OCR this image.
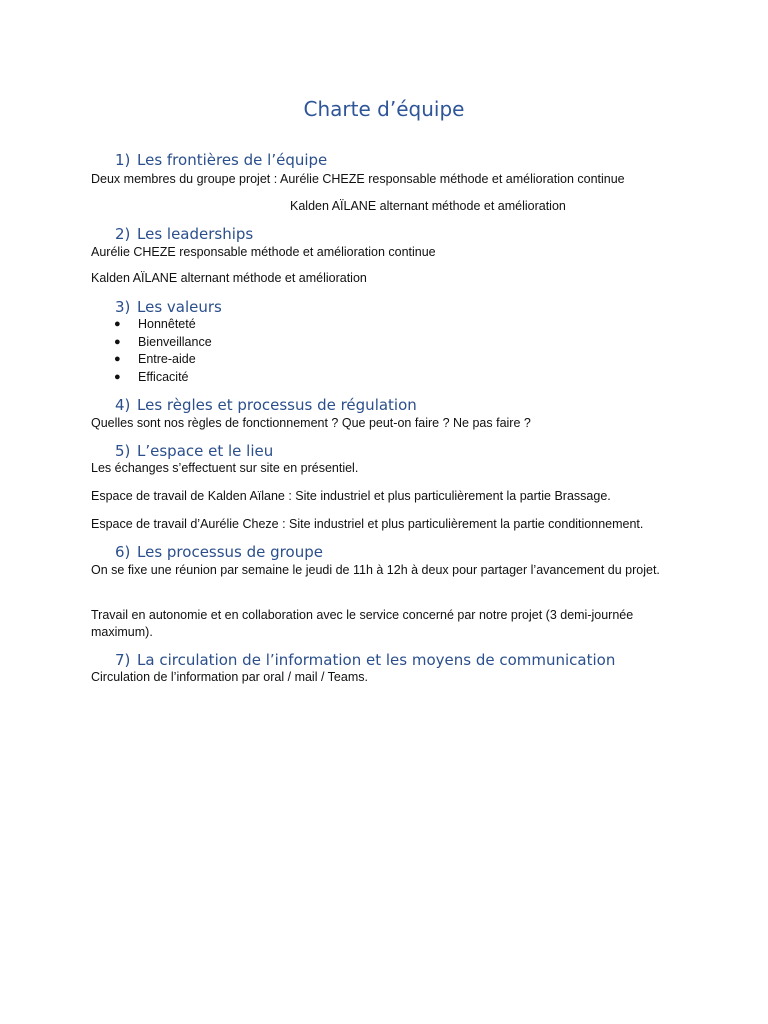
Charte d’équipe
1) Les frontières de l’équipe

Deux membres du groupe projet : Aurélie CHEZE responsable méthode et amélioration continue

Kalden AÏLANE alternant méthode et amélioration

2) Les leaderships

Aurélie CHEZE responsable méthode et amélioration continue

Kalden AÏLANE alternant méthode et amélioration

3) Les valeurs
● Honnêteté
● Bienveillance
● Entre-aide
● Efficacité
4) Les règles et processus de régulation

Quelles sont nos règles de fonctionnement ? Que peut-on faire ? Ne pas faire ?

5) L’espace et le lieu

Les échanges s’effectuent sur site en présentiel.

Espace de travail de Kalden Aïlane : Site industriel et plus particulièrement la partie Brassage.

Espace de travail d’Aurélie Cheze : Site industriel et plus particulièrement la partie conditionnement.

6) Les processus de groupe

On se fixe une réunion par semaine le jeudi de 11h à 12h à deux pour partager l’avancement du projet.

Travail en autonomie et en collaboration avec le service concerné par notre projet (3 demi-journée maximum).

7) La circulation de l’information et les moyens de communication

Circulation de l’information par oral / mail / Teams.
